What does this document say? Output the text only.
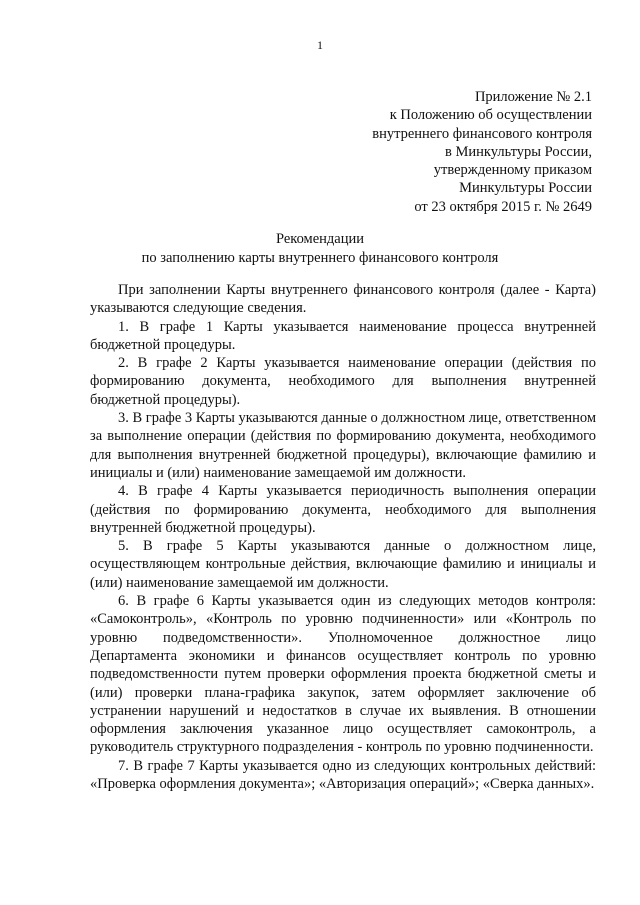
1
Приложение № 2.1
к Положению об осуществлении
внутреннего финансового контроля
в Минкультуры России,
утвержденному приказом
Минкультуры России
от 23 октября 2015 г. № 2649
Рекомендации
по заполнению карты внутреннего финансового контроля

При заполнении Карты внутреннего финансового контроля (далее - Карта) указываются следующие сведения.

1. В графе 1 Карты указывается наименование процесса внутренней бюджетной процедуры.

2. В графе 2 Карты указывается наименование операции (действия по формированию документа, необходимого для выполнения внутренней бюджетной процедуры).

3. В графе 3 Карты указываются данные о должностном лице, ответственном за выполнение операции (действия по формированию документа, необходимого для выполнения внутренней бюджетной процедуры), включающие фамилию и инициалы и (или) наименование замещаемой им должности.

4. В графе 4 Карты указывается периодичность выполнения операции (действия по формированию документа, необходимого для выполнения внутренней бюджетной процедуры).

5. В графе 5 Карты указываются данные о должностном лице, осуществляющем контрольные действия, включающие фамилию и инициалы и (или) наименование замещаемой им должности.

6. В графе 6 Карты указывается один из следующих методов контроля: «Самоконтроль», «Контроль по уровню подчиненности» или «Контроль по уровню подведомственности». Уполномоченное должностное лицо Департамента экономики и финансов осуществляет контроль по уровню подведомственности путем проверки оформления проекта бюджетной сметы и (или) проверки плана-графика закупок, затем оформляет заключение об устранении нарушений и недостатков в случае их выявления. В отношении оформления заключения указанное лицо осуществляет самоконтроль, а руководитель структурного подразделения - контроль по уровню подчиненности.

7. В графе 7 Карты указывается одно из следующих контрольных действий: «Проверка оформления документа»; «Авторизация операций»; «Сверка данных».
